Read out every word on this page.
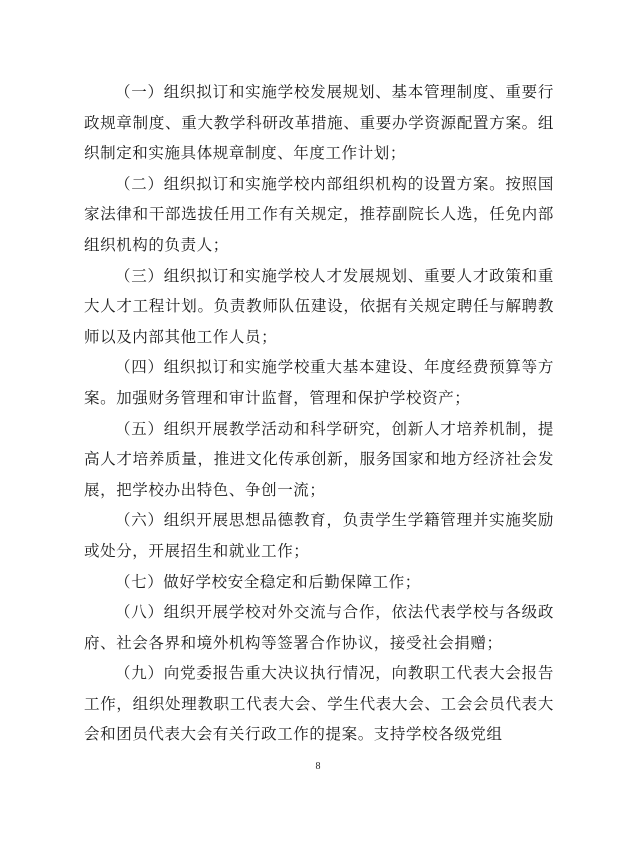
（一）组织拟订和实施学校发展规划、基本管理制度、重要行政规章制度、重大教学科研改革措施、重要办学资源配置方案。组织制定和实施具体规章制度、年度工作计划；

（二）组织拟订和实施学校内部组织机构的设置方案。按照国家法律和干部选拔任用工作有关规定，推荐副院长人选，任免内部组织机构的负责人；

（三）组织拟订和实施学校人才发展规划、重要人才政策和重大人才工程计划。负责教师队伍建设，依据有关规定聘任与解聘教师以及内部其他工作人员；

（四）组织拟订和实施学校重大基本建设、年度经费预算等方案。加强财务管理和审计监督，管理和保护学校资产；

（五）组织开展教学活动和科学研究，创新人才培养机制，提高人才培养质量，推进文化传承创新，服务国家和地方经济社会发展，把学校办出特色、争创一流；

（六）组织开展思想品德教育，负责学生学籍管理并实施奖励或处分，开展招生和就业工作；

（七）做好学校安全稳定和后勤保障工作；

（八）组织开展学校对外交流与合作，依法代表学校与各级政府、社会各界和境外机构等签署合作协议，接受社会捐赠；

（九）向党委报告重大决议执行情况，向教职工代表大会报告工作，组织处理教职工代表大会、学生代表大会、工会会员代表大会和团员代表大会有关行政工作的提案。支持学校各级党组

8
